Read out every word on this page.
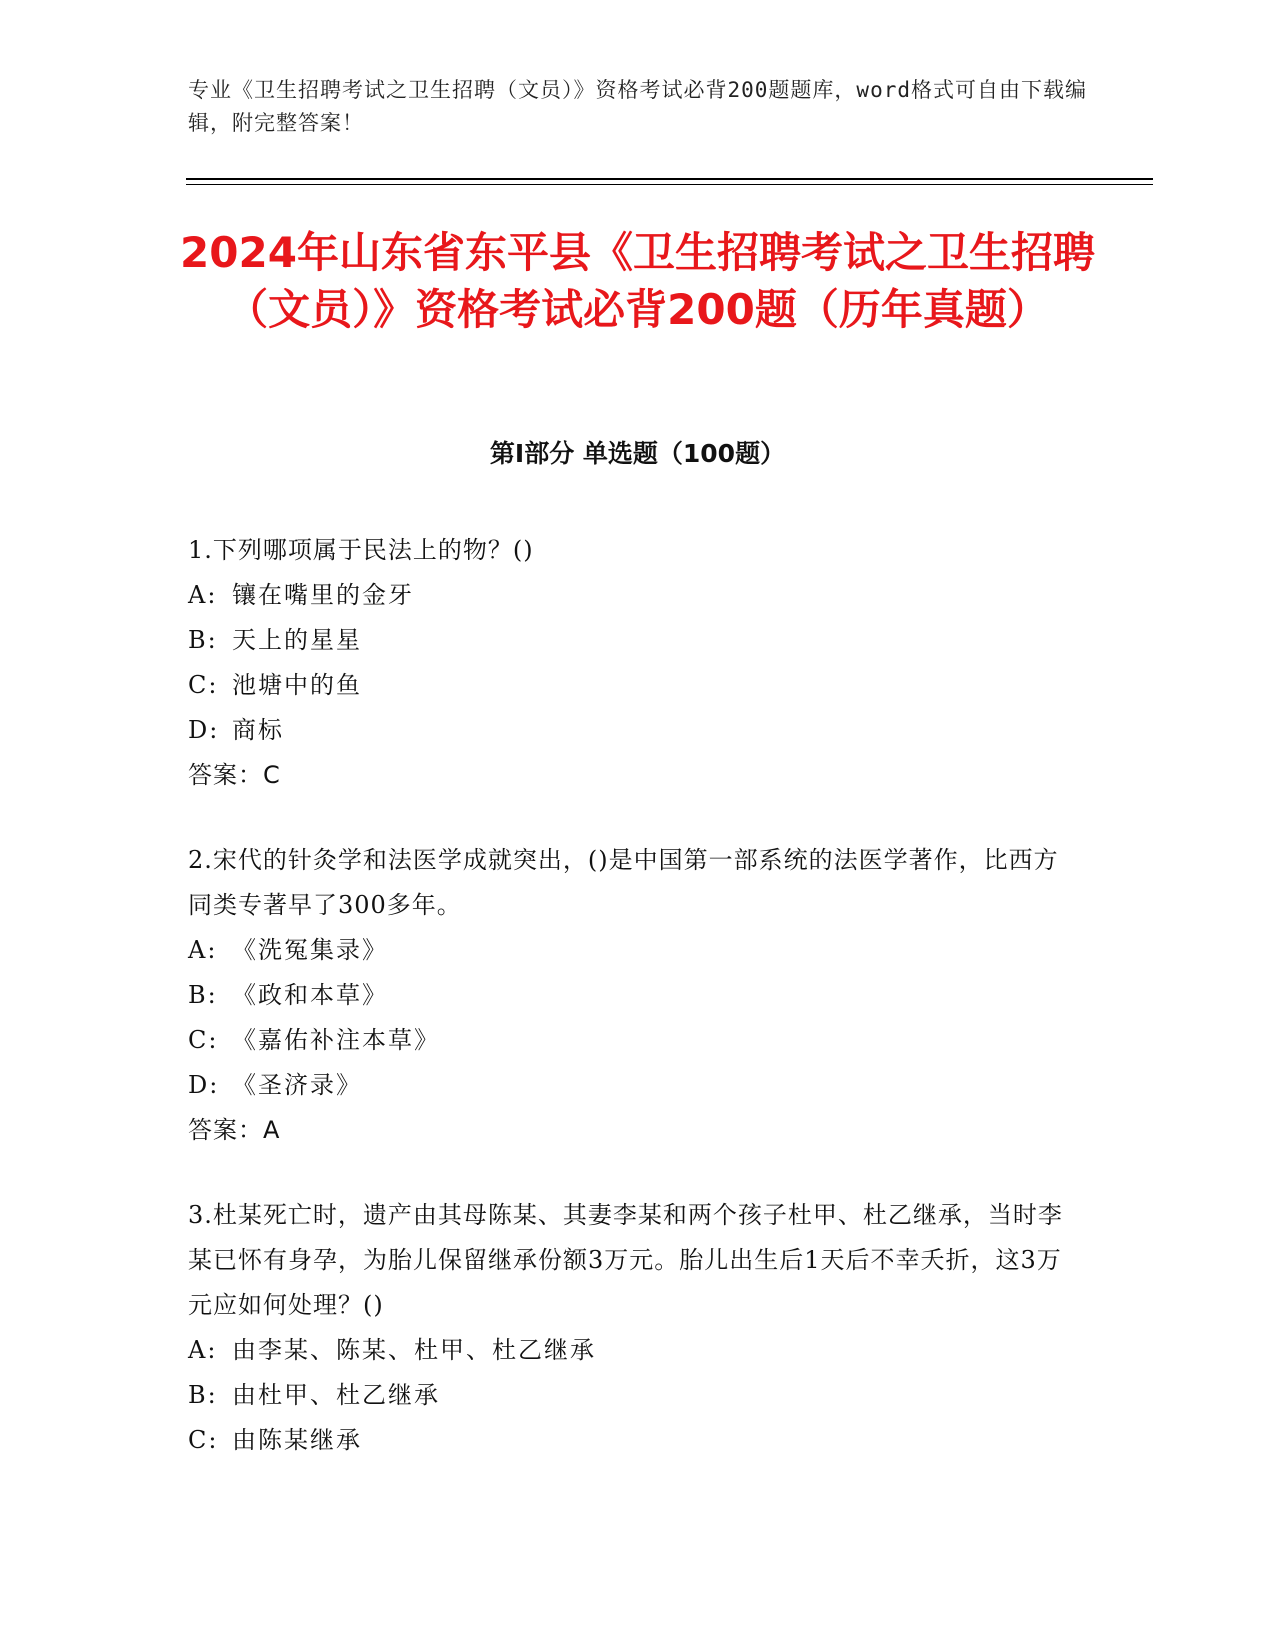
专业《卫生招聘考试之卫生招聘（文员）》资格考试必背200题题库，word格式可自由下载编辑，附完整答案！
2024年山东省东平县《卫生招聘考试之卫生招聘（文员）》资格考试必背200题（历年真题）
第I部分 单选题（100题）

1.下列哪项属于民法上的物？()

A: 镶在嘴里的金牙
B: 天上的星星
C: 池塘中的鱼
D: 商标

答案：C

2.宋代的针灸学和法医学成就突出，()是中国第一部系统的法医学著作，比西方同类专著早了300多年。

A: 《洗冤集录》
B: 《政和本草》
C: 《嘉佑补注本草》
D: 《圣济录》

答案：A

3.杜某死亡时，遗产由其母陈某、其妻李某和两个孩子杜甲、杜乙继承，当时李某已怀有身孕，为胎儿保留继承份额3万元。胎儿出生后1天后不幸夭折，这3万元应如何处理？()

A: 由李某、陈某、杜甲、杜乙继承
B: 由杜甲、杜乙继承
C: 由陈某继承
